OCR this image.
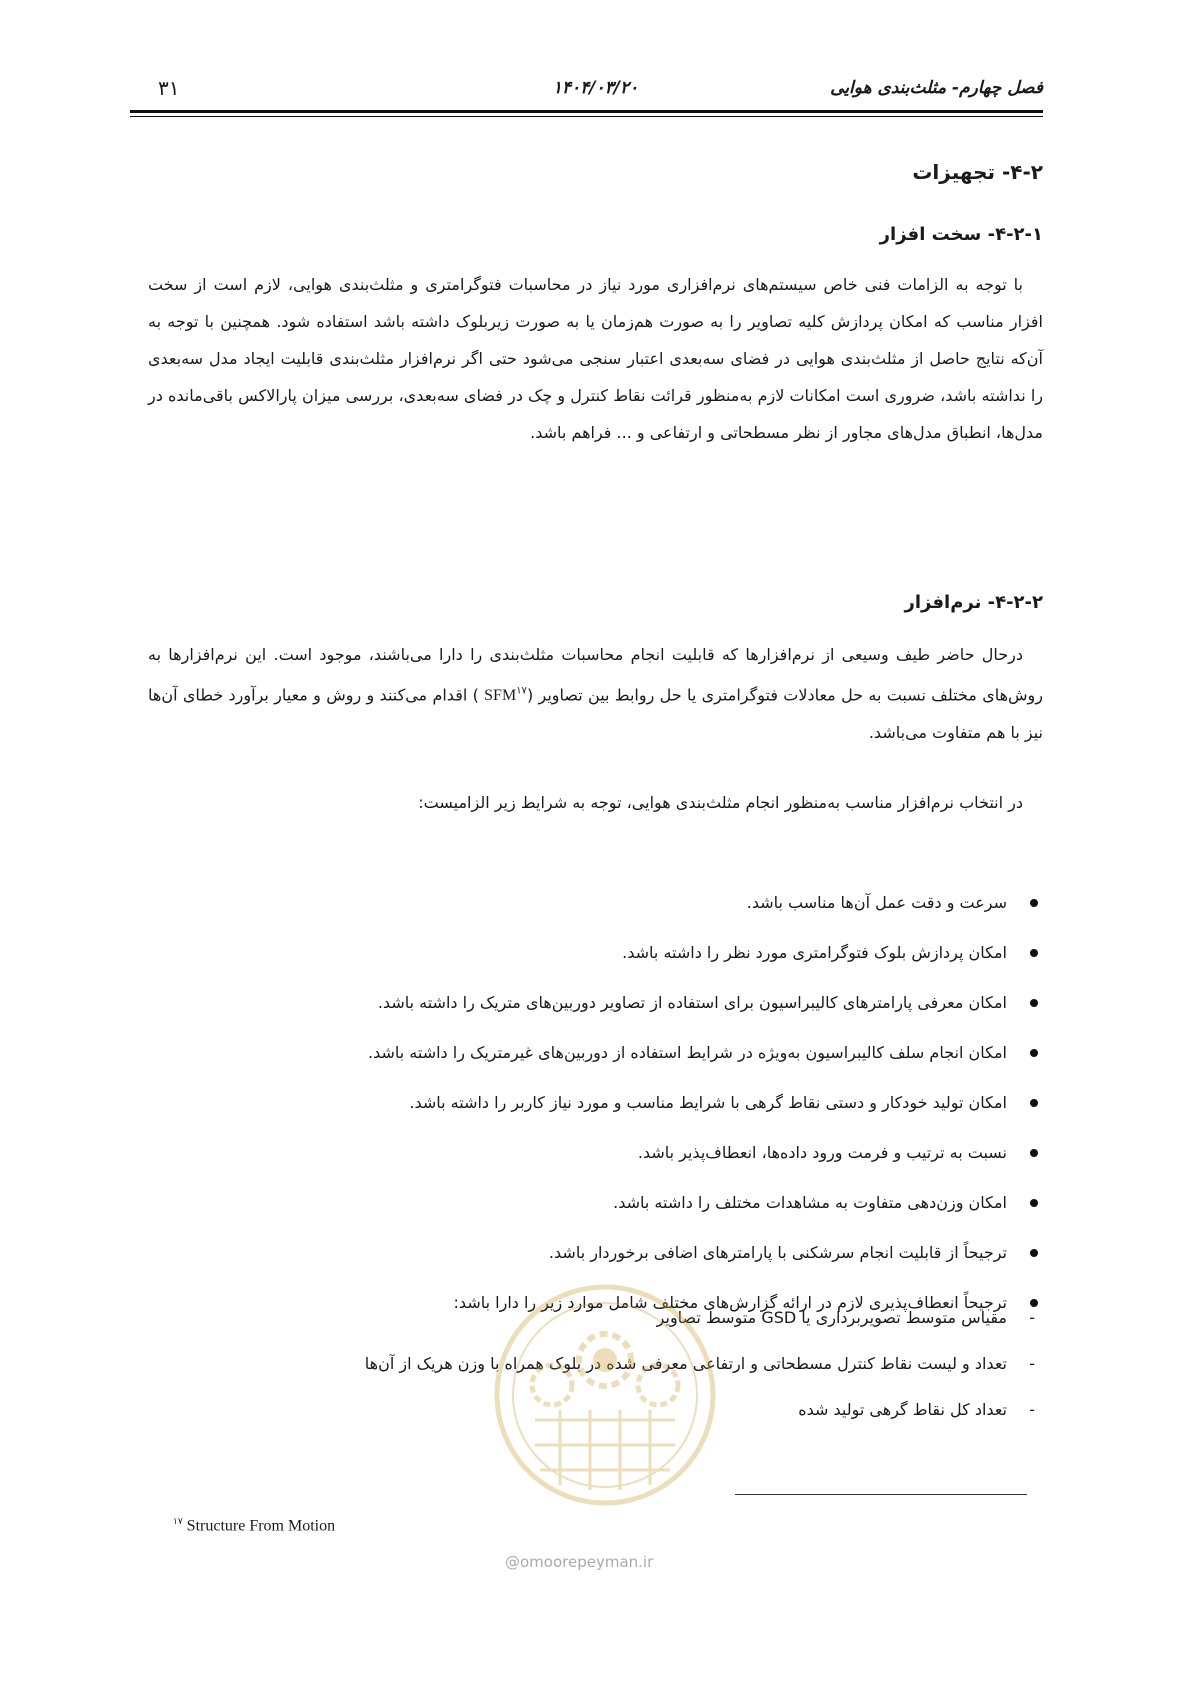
فصل چهارم- مثلث‌بندی هوایی
۱۴۰۴/۰۳/۲۰
۳۱
۴-۲- تجهیزات
۴-۲-۱- سخت افزار

با توجه به الزامات فنی خاص سیستم‌های نرم‌افزاری مورد نیاز در محاسبات فتوگرامتری و مثلث‌بندی هوایی، لازم است از سخت افزار مناسب که امکان پردازش کلیه تصاویر را به صورت هم‌زمان یا به صورت زیربلوک داشته باشد استفاده شود. همچنین با توجه به آن‌که نتایج حاصل از مثلث‌بندی هوایی در فضای سه‌بعدی اعتبار سنجی می‌شود حتی اگر نرم‌افزار مثلث‌بندی قابلیت ایجاد مدل سه‌بعدی را نداشته باشد، ضروری است امکانات لازم به‌منظور قرائت نقاط کنترل و چک در فضای سه‌بعدی، بررسی میزان پارالاکس باقی‌مانده در مدل‌ها، انطباق مدل‌های مجاور از نظر مسطحاتی و ارتفاعی و ... فراهم باشد.

۴-۲-۲- نرم‌افزار

درحال حاضر طیف وسیعی از نرم‌افزارها که قابلیت انجام محاسبات مثلث‌بندی را دارا می‌باشند، موجود است. این نرم‌افزارها به روش‌های مختلف نسبت به حل معادلات فتوگرامتری یا حل روابط بین تصاویر (SFM$^{۱۷}$ ) اقدام می‌کنند و روش و معیار برآورد خطای آن‌ها نیز با هم متفاوت می‌باشد.

در انتخاب نرم‌افزار مناسب به‌منظور انجام مثلث‌بندی هوایی، توجه به شرایط زیر الزامیست:

سرعت و دقت عمل آن‌ها مناسب باشد.
امکان پردازش بلوک فتوگرامتری مورد نظر را داشته باشد.
امکان معرفی پارامترهای کالیبراسیون برای استفاده از تصاویر دوربین‌های متریک را داشته باشد.
امکان انجام سلف کالیبراسیون به‌ویژه در شرایط استفاده از دوربین‌های غیرمتریک را داشته باشد.
امکان تولید خودکار و دستی نقاط گرهی با شرایط مناسب و مورد نیاز کاربر را داشته باشد.
نسبت به ترتیب و فرمت ورود داده‌ها، انعطاف‌پذیر باشد.
امکان وزن‌دهی متفاوت به مشاهدات مختلف را داشته باشد.
ترجیحاً از قابلیت انجام سرشکنی با پارامترهای اضافی برخوردار باشد.
ترجیحاً انعطاف‌پذیری لازم در ارائه گزارش‌های مختلف شامل موارد زیر را دارا باشد:
-
مقیاس متوسط تصویربرداری یا GSD متوسط تصاویر
-
تعداد و لیست نقاط کنترل مسطحاتی و ارتفاعی معرفی شده در بلوک همراه با وزن هریک از آن‌ها
-
تعداد کل نقاط گرهی تولید شده
@omoorepeyman.ir
$^{۱۷}$ Structure From Motion
